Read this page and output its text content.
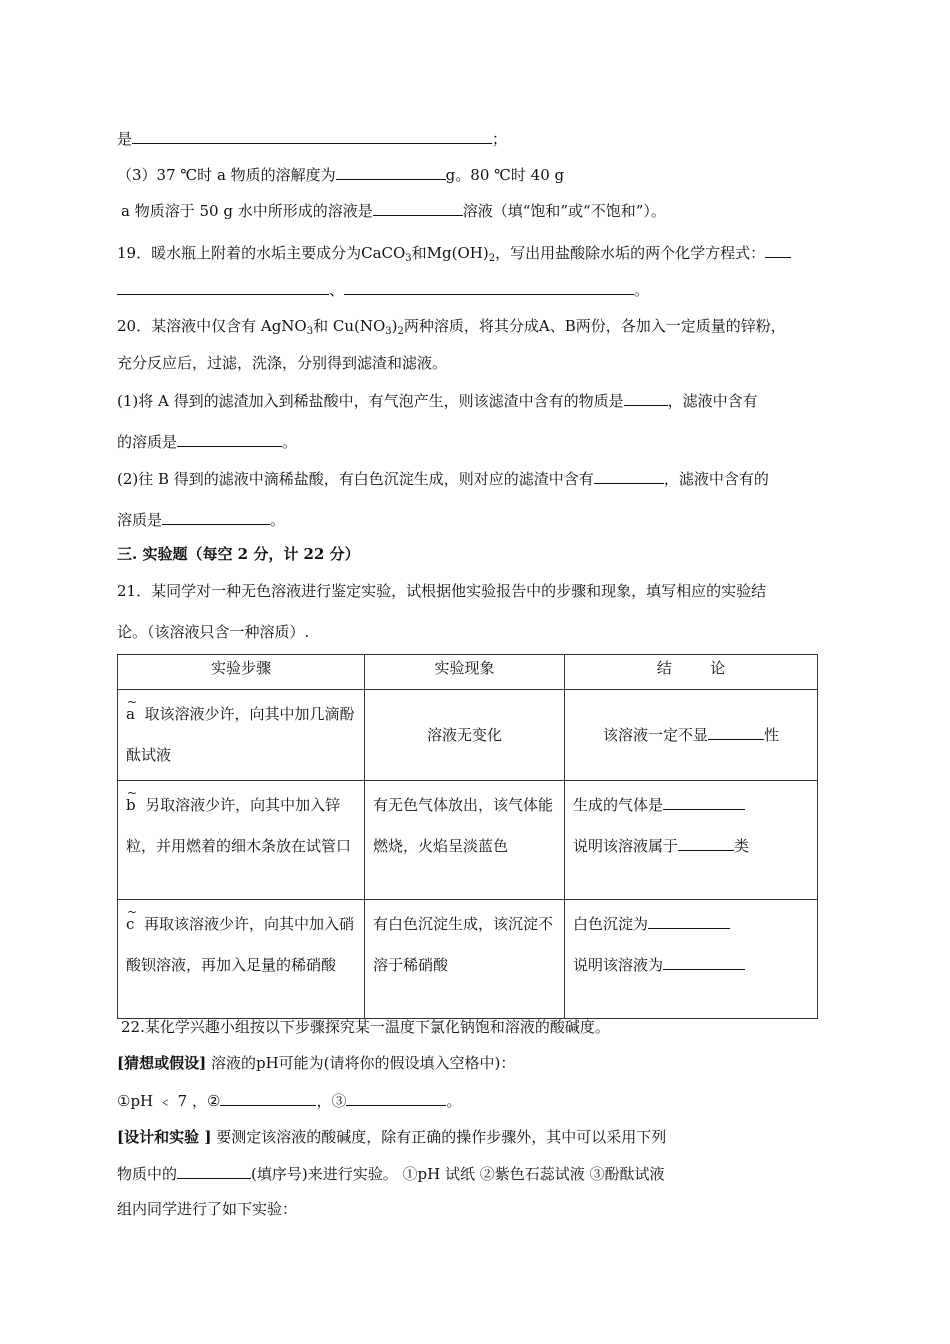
是	；
（3）37 ℃时 a 物质的溶解度为	g。80 ℃时 40 g
a 物质溶于 50 g 水中所形成的溶液是	溶液（填“饱和”或“不饱和”）。
19．暖水瓶上附着的水垢主要成分为CaCO$_3$和$Mg(OH)_2$，写出用盐酸除水垢的两个化学方程式：
、	。
20．某溶液中仅含有 AgNO$_3$和 $Cu(NO_3)_2$两种溶质，将其分成A、B两份，各加入一定质量的锌粉，
充分反应后，过滤，洗涤，分别得到滤渣和滤液。
(1)将 A 得到的滤渣加入到稀盐酸中，有气泡产生，则该滤渣中含有的物质是	，滤液中含有
的溶质是	。
(2)往 B 得到的滤液中滴稀盐酸，有白色沉淀生成，则对应的滤渣中含有	，滤液中含有的
溶质是	。
三. 实验题（每空 2 分，计 22 分）
21．某同学对一种无色溶液进行鉴定实验，试根据他实验报告中的步骤和现象，填写相应的实验结
论。（该溶液只含一种溶质）.
实验步骤	实验现象	结        论
~ a 取该溶液少许，向其中加几滴酚酞试液	溶液无变化	该溶液一定不显 性
~ b 另取溶液少许，向其中加入锌粒，并用燃着的细木条放在试管口	有无色气体放出，该气体能燃烧，火焰呈淡蓝色	生成的气体是
说明该溶液属于 类

~ c 再取该溶液少许，向其中加入硝酸钡溶液，再加入足量的稀硝酸	有白色沉淀生成，该沉淀不溶于稀硝酸	白色沉淀为
说明该溶液为
22.某化学兴趣小组按以下步骤探究某一温度下氯化钠饱和溶液的酸碱度。
[猜想或假设] 溶液的pH可能为(请将你的假设填入空格中)：
①pH ﹤ 7 ，②	，③	。
[设计和实验 ] 要测定该溶液的酸碱度，除有正确的操作步骤外，其中可以采用下列
物质中的	(填序号)来进行实验。 ①pH 试纸 ②紫色石蕊试液 ③酚酞试液
组内同学进行了如下实验：
